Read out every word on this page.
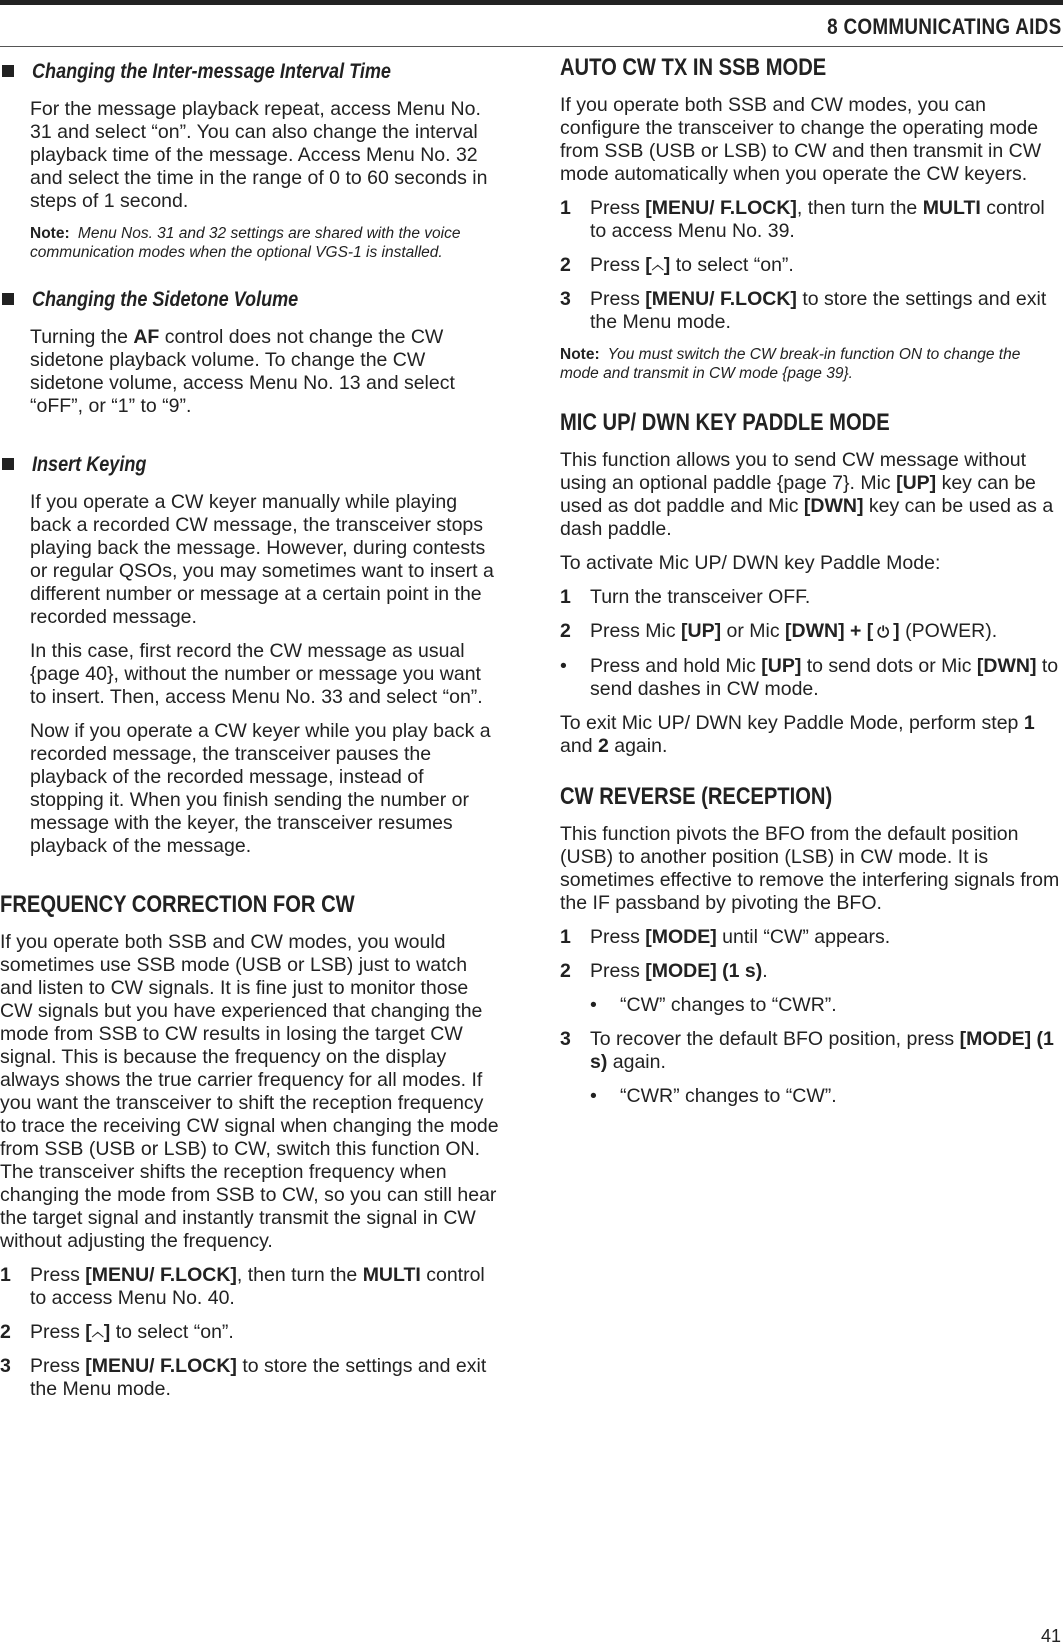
8 COMMUNICATING AIDS
Changing the Inter-message Interval Time

For the message playback repeat, access Menu No. 31 and select “on”. You can also change the interval playback time of the message. Access Menu No. 32 and select the time in the range of 0 to 60 seconds in steps of 1 second.

Note: Menu Nos. 31 and 32 settings are shared with the voice communication modes when the optional VGS-1 is installed.
Changing the Sidetone Volume

Turning the AF control does not change the CW sidetone playback volume. To change the CW sidetone volume, access Menu No. 13 and select “oFF”, or “1” to “9”.

Insert Keying

If you operate a CW keyer manually while playing back a recorded CW message, the transceiver stops playing back the message. However, during contests or regular QSOs, you may sometimes want to insert a different number or message at a certain point in the recorded message.

In this case, first record the CW message as usual {page 40}, without the number or message you want to insert. Then, access Menu No. 33 and select “on”.

Now if you operate a CW keyer while you play back a recorded message, the transceiver pauses the playback of the recorded message, instead of stopping it. When you finish sending the number or message with the keyer, the transceiver resumes playback of the message.

FREQUENCY CORRECTION FOR CW

If you operate both SSB and CW modes, you would sometimes use SSB mode (USB or LSB) just to watch and listen to CW signals. It is fine just to monitor those CW signals but you have experienced that changing the mode from SSB to CW results in losing the target CW signal. This is because the frequency on the display always shows the true carrier frequency for all modes. If you want the transceiver to shift the reception frequency to trace the receiving CW signal when changing the mode from SSB (USB or LSB) to CW, switch this function ON. The transceiver shifts the reception frequency when changing the mode from SSB to CW, so you can still hear the target signal and instantly transmit the signal in CW without adjusting the frequency.

1 Press [MENU/ F.LOCK], then turn the MULTI control to access Menu No. 40.
2 Press [︿] to select “on”.
3 Press [MENU/ F.LOCK] to store the settings and exit the Menu mode.
AUTO CW TX IN SSB MODE

If you operate both SSB and CW modes, you can configure the transceiver to change the operating mode from SSB (USB or LSB) to CW and then transmit in CW mode automatically when you operate the CW keyers.

1 Press [MENU/ F.LOCK], then turn the MULTI control to access Menu No. 39.
2 Press [︿] to select “on”.
3 Press [MENU/ F.LOCK] to store the settings and exit the Menu mode.
Note: You must switch the CW break-in function ON to change the mode and transmit in CW mode {page 39}.
MIC UP/ DWN KEY PADDLE MODE

This function allows you to send CW message without using an optional paddle {page 7}. Mic [UP] key can be used as dot paddle and Mic [DWN] key can be used as a dash paddle.

To activate Mic UP/ DWN key Paddle Mode:

1 Turn the transceiver OFF.
2 Press Mic [UP] or Mic [DWN] + [ ⏻ ] (POWER).
• Press and hold Mic [UP] to send dots or Mic [DWN] to send dashes in CW mode.

To exit Mic UP/ DWN key Paddle Mode, perform step 1 and 2 again.

CW REVERSE (RECEPTION)

This function pivots the BFO from the default position (USB) to another position (LSB) in CW mode. It is sometimes effective to remove the interfering signals from the IF passband by pivoting the BFO.

1 Press [MODE] until “CW” appears.
2 Press [MODE] (1 s).
• “CW” changes to “CWR”.
3 To recover the default BFO position, press [MODE] (1 s) again.
• “CWR” changes to “CW”.
41
